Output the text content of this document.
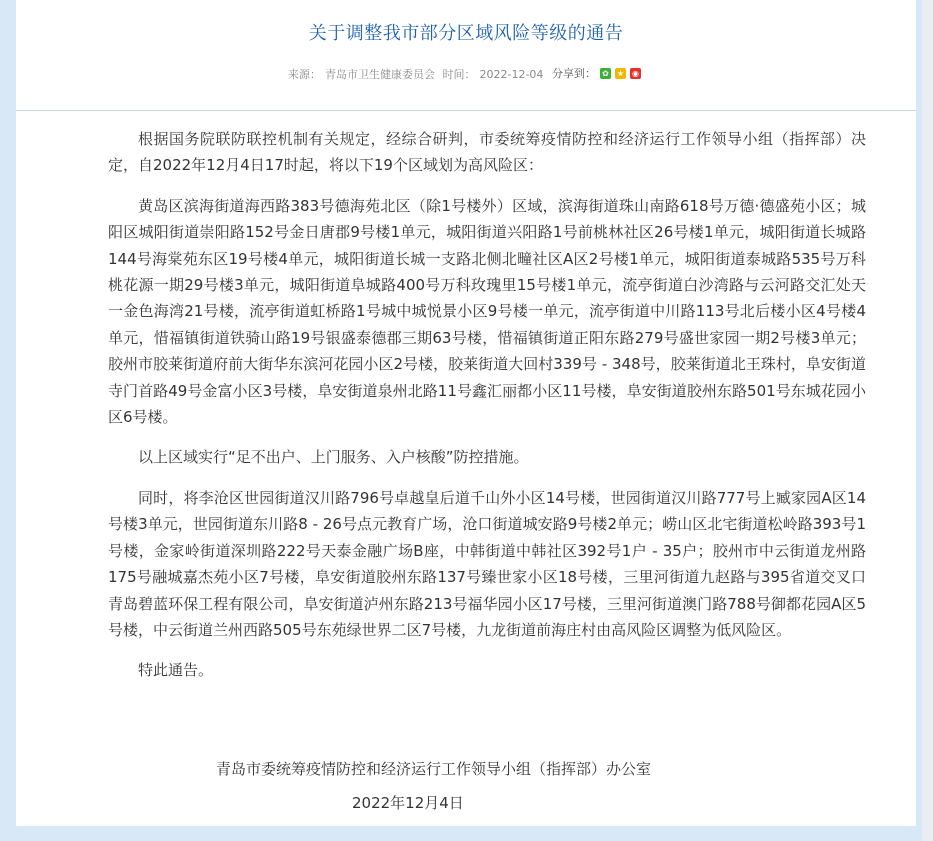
关于调整我市部分区域风险等级的通告
来源： 青岛市卫生健康委员会 时间： 2022-12-04 分享到： ✿ ★ ◉

根据国务院联防联控机制有关规定，经综合研判，市委统筹疫情防控和经济运行工作领导小组（指挥部）决定，自2022年12月4日17时起，将以下19个区域划为高风险区：

黄岛区滨海街道海西路383号德海苑北区（除1号楼外）区域，滨海街道珠山南路618号万德·德盛苑小区；城阳区城阳街道崇阳路152号金日唐郡9号楼1单元，城阳街道兴阳路1号前桃林社区26号楼1单元，城阳街道长城路144号海棠苑东区19号楼4单元，城阳街道长城一支路北侧北疃社区A区2号楼1单元，城阳街道泰城路535号万科桃花源一期29号楼3单元，城阳街道阜城路400号万科玫瑰里15号楼1单元，流亭街道白沙湾路与云河路交汇处天一金色海湾21号楼，流亭街道虹桥路1号城中城悦景小区9号楼一单元，流亭街道中川路113号北后楼小区4号楼4单元，惜福镇街道铁骑山路19号银盛泰德郡三期63号楼，惜福镇街道正阳东路279号盛世家园一期2号楼3单元；胶州市胶莱街道府前大街华东滨河花园小区2号楼，胶莱街道大回村339号 - 348号，胶莱街道北王珠村，阜安街道寺门首路49号金富小区3号楼，阜安街道泉州北路11号鑫汇丽都小区11号楼，阜安街道胶州东路501号东城花园小区6号楼。

以上区域实行“足不出户、上门服务、入户核酸”防控措施。

同时，将李沧区世园街道汉川路796号卓越皇后道千山外小区14号楼，世园街道汉川路777号上臧家园A区14号楼3单元，世园街道东川路8 - 26号点元教育广场，沧口街道城安路9号楼2单元；崂山区北宅街道松岭路393号1号楼，金家岭街道深圳路222号天泰金融广场B座，中韩街道中韩社区392号1户 - 35户；胶州市中云街道龙州路175号融城嘉杰苑小区7号楼，阜安街道胶州东路137号臻世家小区18号楼，三里河街道九赵路与395省道交叉口青岛碧蓝环保工程有限公司，阜安街道泸州东路213号福华园小区17号楼，三里河街道澳门路788号御都花园A区5号楼，中云街道兰州西路505号东苑绿世界二区7号楼，九龙街道前海庄村由高风险区调整为低风险区。

特此通告。

青岛市委统筹疫情防控和经济运行工作领导小组（指挥部）办公室
2022年12月4日
